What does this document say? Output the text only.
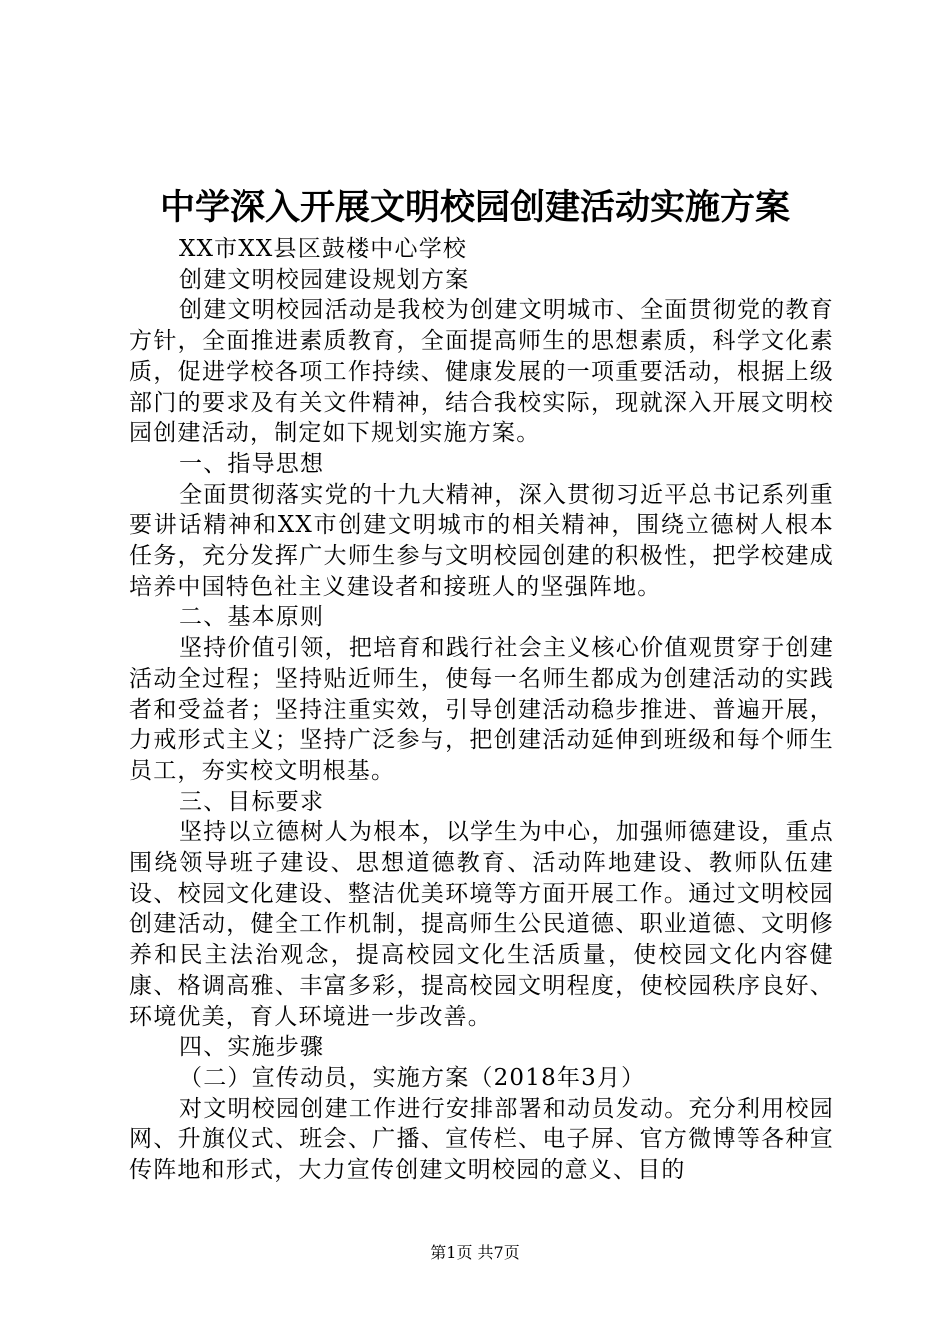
中学深入开展文明校园创建活动实施方案

XX市XX县区鼓楼中心学校

创建文明校园建设规划方案

创建文明校园活动是我校为创建文明城市、全面贯彻党的教育方针，全面推进素质教育，全面提高师生的思想素质，科学文化素质，促进学校各项工作持续、健康发展的一项重要活动，根据上级部门的要求及有关文件精神，结合我校实际，现就深入开展文明校园创建活动，制定如下规划实施方案。

一、指导思想

全面贯彻落实党的十九大精神，深入贯彻习近平总书记系列重要讲话精神和XX市创建文明城市的相关精神，围绕立德树人根本任务，充分发挥广大师生参与文明校园创建的积极性，把学校建成培养中国特色社主义建设者和接班人的坚强阵地。

二、基本原则

坚持价值引领，把培育和践行社会主义核心价值观贯穿于创建活动全过程；坚持贴近师生，使每一名师生都成为创建活动的实践者和受益者；坚持注重实效，引导创建活动稳步推进、普遍开展，力戒形式主义；坚持广泛参与，把创建活动延伸到班级和每个师生员工，夯实校文明根基。

三、目标要求

坚持以立德树人为根本，以学生为中心，加强师德建设，重点围绕领导班子建设、思想道德教育、活动阵地建设、教师队伍建设、校园文化建设、整洁优美环境等方面开展工作。通过文明校园创建活动，健全工作机制，提高师生公民道德、职业道德、文明修养和民主法治观念，提高校园文化生活质量，使校园文化内容健康、格调高雅、丰富多彩，提高校园文明程度，使校园秩序良好、环境优美，育人环境进一步改善。

四、实施步骤

（二）宣传动员，实施方案（2018年3月）

对文明校园创建工作进行安排部署和动员发动。充分利用校园网、升旗仪式、班会、广播、宣传栏、电子屏、官方微博等各种宣传阵地和形式，大力宣传创建文明校园的意义、目的

第1页 共7页
